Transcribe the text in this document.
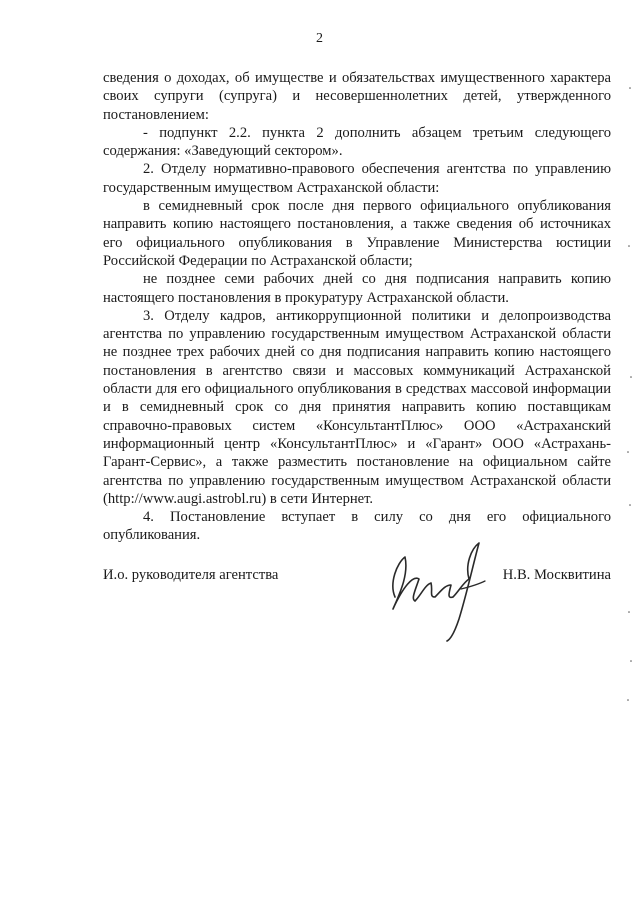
2

сведения о доходах, об имуществе и обязательствах имущественного характера своих супруги (супруга) и несовершеннолетних детей, утвержденного постановлением:

- подпункт 2.2. пункта 2 дополнить абзацем третьим следующего содержания: «Заведующий сектором».

2. Отделу нормативно-правового обеспечения агентства по управлению государственным имуществом Астраханской области:

в семидневный срок после дня первого официального опубликования направить копию настоящего постановления, а также сведения об источниках его официального опубликования в Управление Министерства юстиции Российской Федерации по Астраханской области;

не позднее семи рабочих дней со дня подписания направить копию настоящего постановления в прокуратуру Астраханской области.

3. Отделу кадров, антикоррупционной политики и делопроизводства агентства по управлению государственным имуществом Астраханской области не позднее трех рабочих дней со дня подписания направить копию настоящего постановления в агентство связи и массовых коммуникаций Астраханской области для его официального опубликования в средствах массовой информации и в семидневный срок со дня принятия направить копию поставщикам справочно-правовых систем «КонсультантПлюс» ООО «Астраханский информационный центр «КонсультантПлюс» и «Гарант» ООО «Астрахань-Гарант-Сервис», а также разместить постановление на официальном сайте агентства по управлению государственным имуществом Астраханской области (http://www.augi.astrobl.ru) в сети Интернет.

4. Постановление вступает в силу со дня его официального опубликования.

И.о. руководителя агентства	Н.В. Москвитина
